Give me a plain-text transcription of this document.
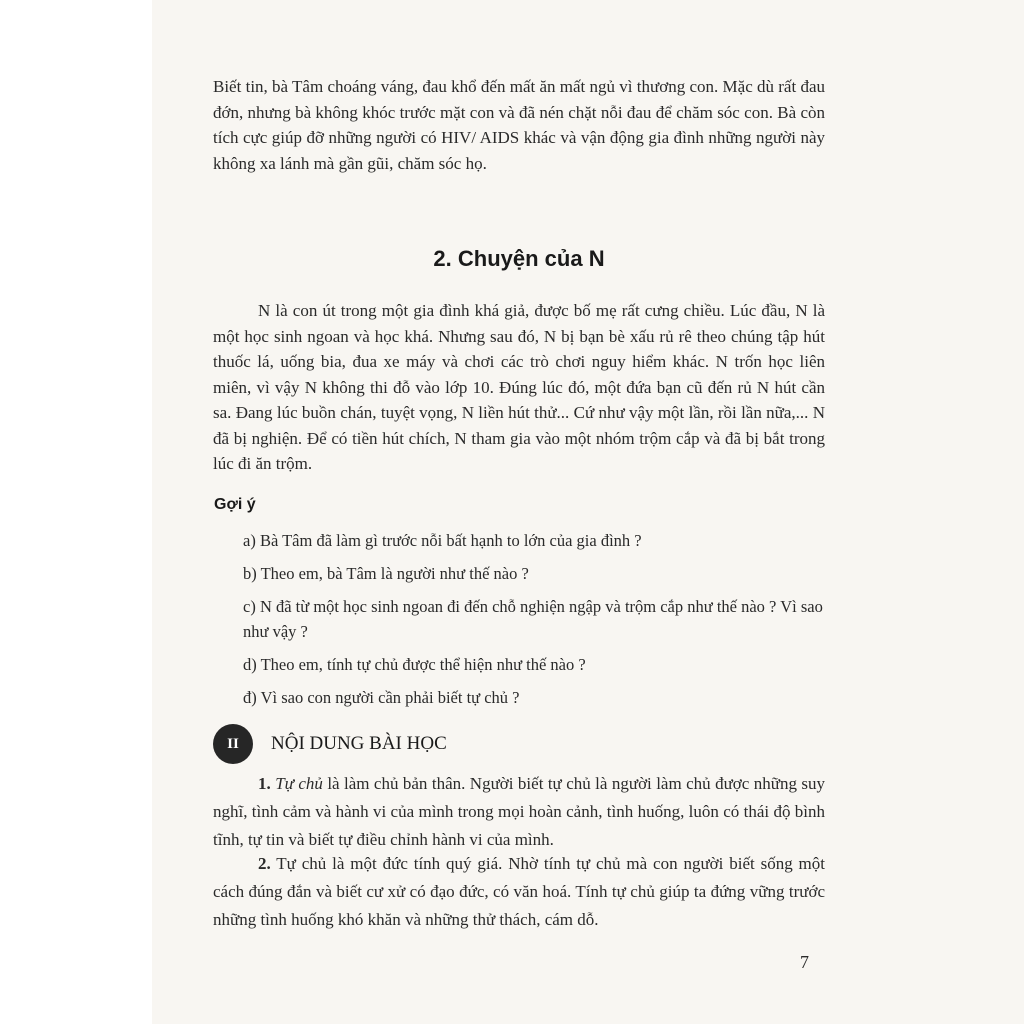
Biết tin, bà Tâm choáng váng, đau khổ đến mất ăn mất ngủ vì thương con. Mặc dù rất đau đớn, nhưng bà không khóc trước mặt con và đã nén chặt nỗi đau để chăm sóc con. Bà còn tích cực giúp đỡ những người có HIV/ AIDS khác và vận động gia đình những người này không xa lánh mà gần gũi, chăm sóc họ.

2. Chuyện của N

N là con út trong một gia đình khá giả, được bố mẹ rất cưng chiều. Lúc đầu, N là một học sinh ngoan và học khá. Nhưng sau đó, N bị bạn bè xấu rủ rê theo chúng tập hút thuốc lá, uống bia, đua xe máy và chơi các trò chơi nguy hiểm khác. N trốn học liên miên, vì vậy N không thi đỗ vào lớp 10. Đúng lúc đó, một đứa bạn cũ đến rủ N hút cần sa. Đang lúc buồn chán, tuyệt vọng, N liền hút thử... Cứ như vậy một lần, rồi lần nữa,... N đã bị nghiện. Để có tiền hút chích, N tham gia vào một nhóm trộm cắp và đã bị bắt trong lúc đi ăn trộm.

Gợi ý
a) Bà Tâm đã làm gì trước nỗi bất hạnh to lớn của gia đình ?
b) Theo em, bà Tâm là người như thế nào ?
c) N đã từ một học sinh ngoan đi đến chỗ nghiện ngập và trộm cắp như thế nào ? Vì sao như vậy ?
d) Theo em, tính tự chủ được thể hiện như thế nào ?
đ) Vì sao con người cần phải biết tự chủ ?
II	NỘI DUNG BÀI HỌC

1. Tự chủ là làm chủ bản thân. Người biết tự chủ là người làm chủ được những suy nghĩ, tình cảm và hành vi của mình trong mọi hoàn cảnh, tình huống, luôn có thái độ bình tĩnh, tự tin và biết tự điều chỉnh hành vi của mình.

2. Tự chủ là một đức tính quý giá. Nhờ tính tự chủ mà con người biết sống một cách đúng đắn và biết cư xử có đạo đức, có văn hoá. Tính tự chủ giúp ta đứng vững trước những tình huống khó khăn và những thử thách, cám dỗ.

7
